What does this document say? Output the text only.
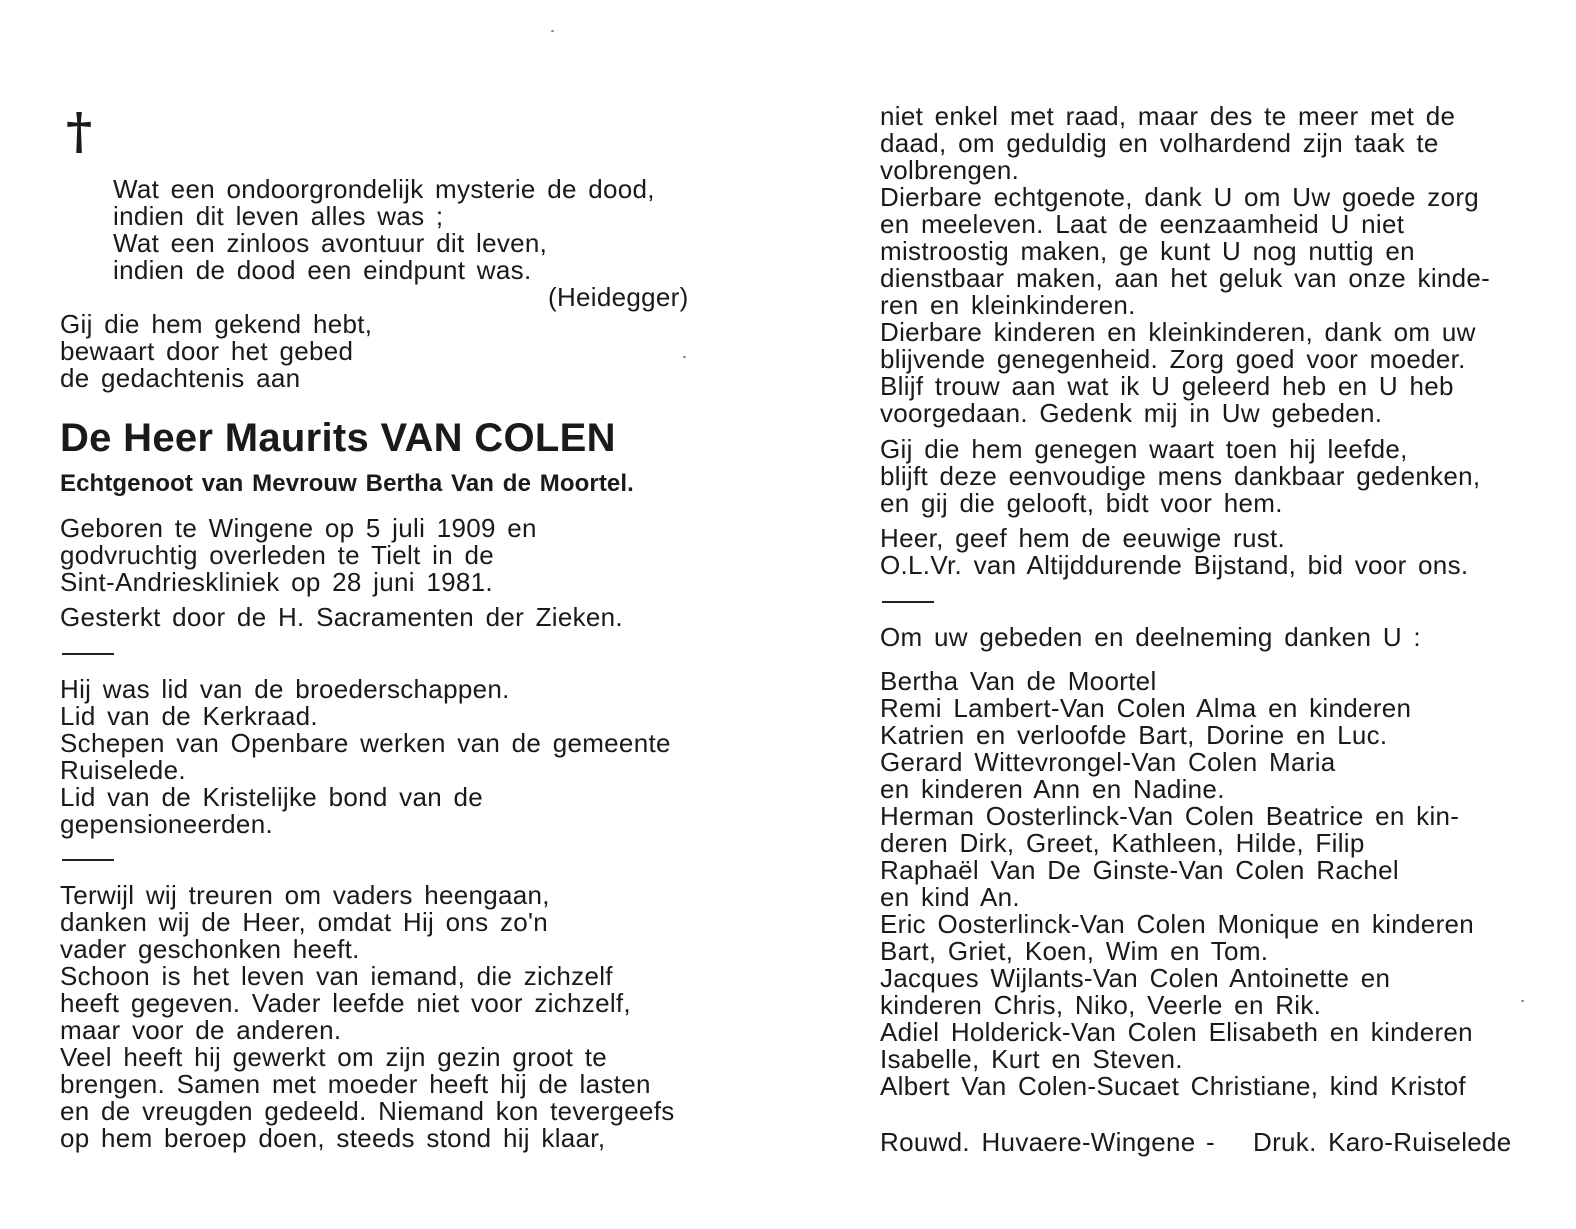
†
Wat een ondoorgrondelijk mysterie de dood,
indien dit leven alles was ;
Wat een zinloos avontuur dit leven,
indien de dood een eindpunt was.
(Heidegger)
Gij die hem gekend hebt,
bewaart door het gebed
de gedachtenis aan
De Heer Maurits VAN COLEN
Echtgenoot van Mevrouw Bertha Van de Moortel.
Geboren te Wingene op 5 juli 1909 en
godvruchtig overleden te Tielt in de
Sint-Andrieskliniek op 28 juni 1981.
Gesterkt door de H. Sacramenten der Zieken.
Hij was lid van de broederschappen.
Lid van de Kerkraad.
Schepen van Openbare werken van de gemeente
Ruiselede.
Lid van de Kristelijke bond van de
gepensioneerden.
Terwijl wij treuren om vaders heengaan,
danken wij de Heer, omdat Hij ons zo'n
vader geschonken heeft.
Schoon is het leven van iemand, die zichzelf
heeft gegeven. Vader leefde niet voor zichzelf,
maar voor de anderen.
Veel heeft hij gewerkt om zijn gezin groot te
brengen. Samen met moeder heeft hij de lasten
en de vreugden gedeeld. Niemand kon tevergeefs
op hem beroep doen, steeds stond hij klaar,
niet enkel met raad, maar des te meer met de
daad, om geduldig en volhardend zijn taak te
volbrengen.
Dierbare echtgenote, dank U om Uw goede zorg
en meeleven. Laat de eenzaamheid U niet
mistroostig maken, ge kunt U nog nuttig en
dienstbaar maken, aan het geluk van onze kinde-
ren en kleinkinderen.
Dierbare kinderen en kleinkinderen, dank om uw
blijvende genegenheid. Zorg goed voor moeder.
Blijf trouw aan wat ik U geleerd heb en U heb
voorgedaan. Gedenk mij in Uw gebeden.
Gij die hem genegen waart toen hij leefde,
blijft deze eenvoudige mens dankbaar gedenken,
en gij die gelooft, bidt voor hem.
Heer, geef hem de eeuwige rust.
O.L.Vr. van Altijddurende Bijstand, bid voor ons.
Om uw gebeden en deelneming danken U :
Bertha Van de Moortel
Remi Lambert-Van Colen Alma en kinderen
Katrien en verloofde Bart, Dorine en Luc.
Gerard Wittevrongel-Van Colen Maria
en kinderen Ann en Nadine.
Herman Oosterlinck-Van Colen Beatrice en kin-
deren Dirk, Greet, Kathleen, Hilde, Filip
Raphaël Van De Ginste-Van Colen Rachel
en kind An.
Eric Oosterlinck-Van Colen Monique en kinderen
Bart, Griet, Koen, Wim en Tom.
Jacques Wijlants-Van Colen Antoinette en
kinderen Chris, Niko, Veerle en Rik.
Adiel Holderick-Van Colen Elisabeth en kinderen
Isabelle, Kurt en Steven.
Albert Van Colen-Sucaet Christiane, kind Kristof
Rouwd. Huvaere-Wingene - Druk. Karo-Ruiselede
